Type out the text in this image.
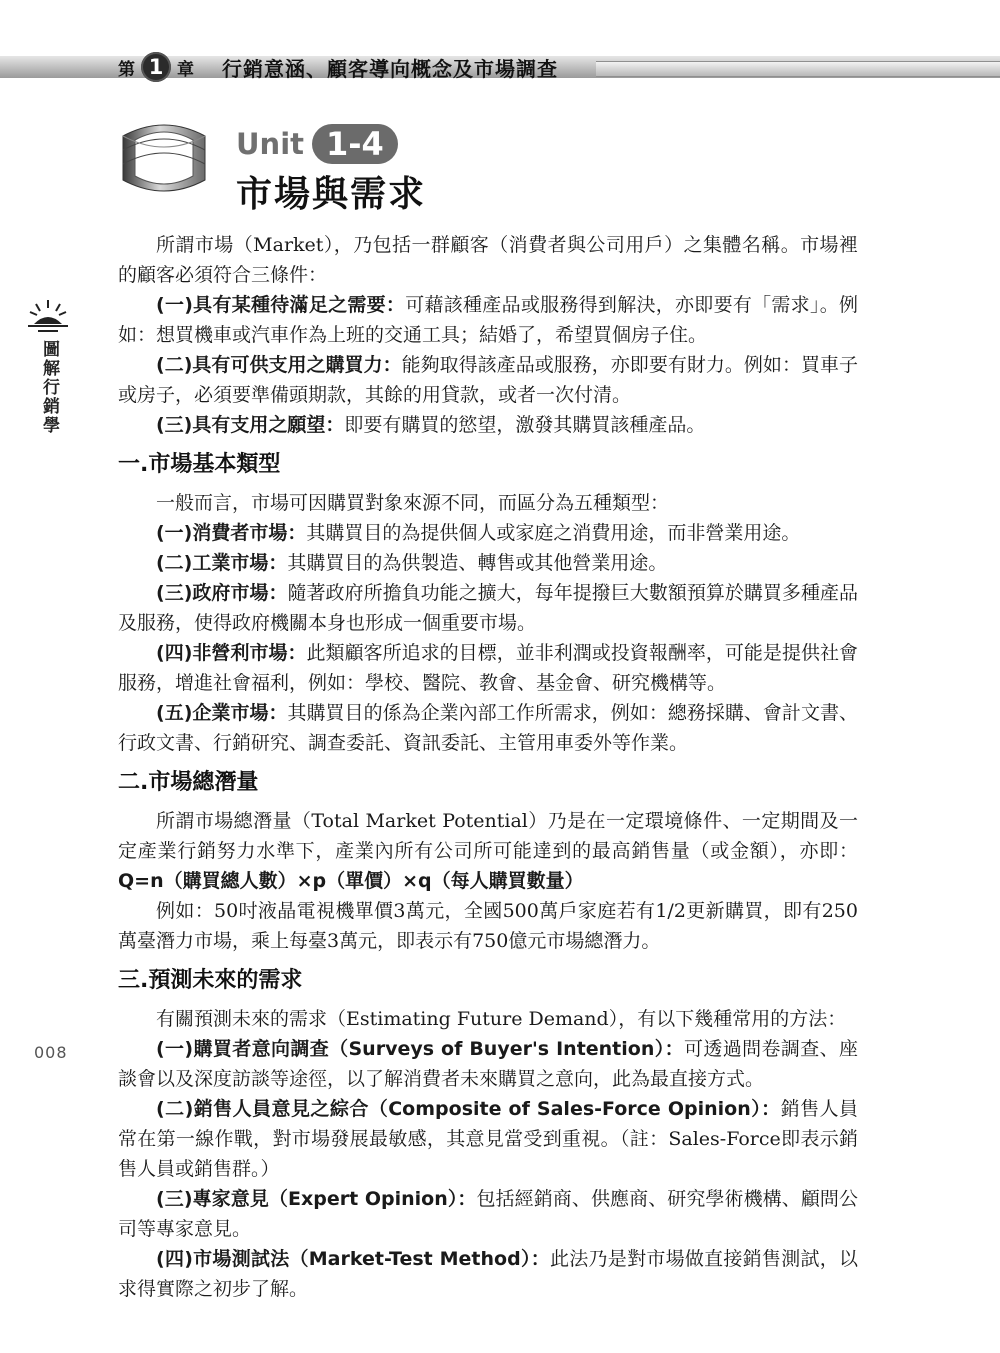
第 1 章 行銷意涵、顧客導向概念及市場調查
Unit 1-4
市場與需求
圖解行銷學
008

所謂市場（Market），乃包括一群顧客（消費者與公司用戶）之集體名稱。市場裡的顧客必須符合三條件：

(一)具有某種待滿足之需要：可藉該種產品或服務得到解決，亦即要有「需求」。例如：想買機車或汽車作為上班的交通工具；結婚了，希望買個房子住。

(二)具有可供支用之購買力：能夠取得該產品或服務，亦即要有財力。例如：買車子或房子，必須要準備頭期款，其餘的用貸款，或者一次付清。

(三)具有支用之願望：即要有購買的慾望，激發其購買該種產品。

一.市場基本類型

一般而言，市場可因購買對象來源不同，而區分為五種類型：

(一)消費者市場：其購買目的為提供個人或家庭之消費用途，而非營業用途。

(二)工業市場：其購買目的為供製造、轉售或其他營業用途。

(三)政府市場：隨著政府所擔負功能之擴大，每年提撥巨大數額預算於購買多種產品及服務，使得政府機關本身也形成一個重要市場。

(四)非營利市場：此類顧客所追求的目標，並非利潤或投資報酬率，可能是提供社會服務，增進社會福利，例如：學校、醫院、教會、基金會、研究機構等。

(五)企業市場：其購買目的係為企業內部工作所需求，例如：總務採購、會計文書、行政文書、行銷研究、調查委託、資訊委託、主管用車委外等作業。

二.市場總潛量

所謂市場總潛量（Total Market Potential）乃是在一定環境條件、一定期間及一定產業行銷努力水準下，產業內所有公司所可能達到的最高銷售量（或金額），亦即：Q=n（購買總人數）×p（單價）×q（每人購買數量）

例如：50吋液晶電視機單價3萬元，全國500萬戶家庭若有1/2更新購買，即有250萬臺潛力市場，乘上每臺3萬元，即表示有750億元市場總潛力。

三.預測未來的需求

有關預測未來的需求（Estimating Future Demand），有以下幾種常用的方法：

(一)購買者意向調查（Surveys of Buyer's Intention）：可透過問卷調查、座談會以及深度訪談等途徑，以了解消費者未來購買之意向，此為最直接方式。

(二)銷售人員意見之綜合（Composite of Sales-Force Opinion）：銷售人員常在第一線作戰，對市場發展最敏感，其意見當受到重視。（註：Sales-Force即表示銷售人員或銷售群。）

(三)專家意見（Expert Opinion）：包括經銷商、供應商、研究學術機構、顧問公司等專家意見。

(四)市場測試法（Market-Test Method）：此法乃是對市場做直接銷售測試，以求得實際之初步了解。
